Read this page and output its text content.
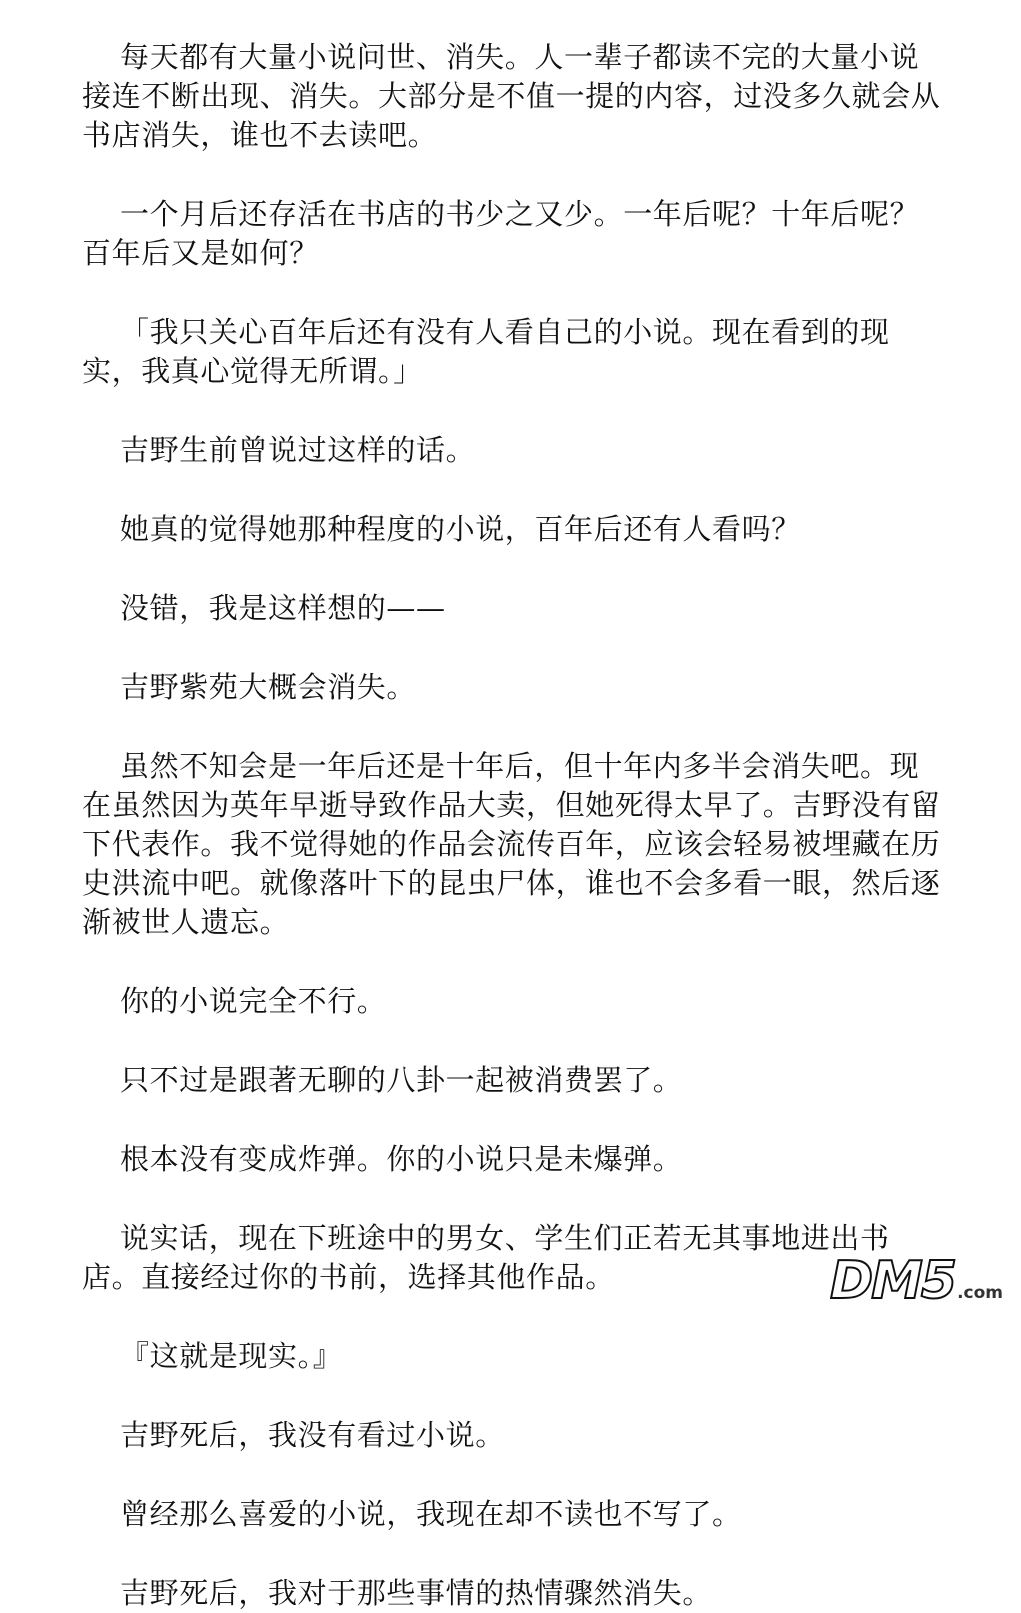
每天都有大量小说问世、消失。人一辈子都读不完的大量小说接连不断出现、消失。大部分是不值一提的内容，过没多久就会从书店消失，谁也不去读吧。

一个月后还存活在书店的书少之又少。一年后呢？十年后呢？百年后又是如何？

「我只关心百年后还有没有人看自己的小说。现在看到的现实，我真心觉得无所谓。」

吉野生前曾说过这样的话。

她真的觉得她那种程度的小说，百年后还有人看吗？

没错，我是这样想的——

吉野紫苑大概会消失。

虽然不知会是一年后还是十年后，但十年内多半会消失吧。现在虽然因为英年早逝导致作品大卖，但她死得太早了。吉野没有留下代表作。我不觉得她的作品会流传百年，应该会轻易被埋藏在历史洪流中吧。就像落叶下的昆虫尸体，谁也不会多看一眼，然后逐渐被世人遗忘。

你的小说完全不行。

只不过是跟著无聊的八卦一起被消费罢了。

根本没有变成炸弹。你的小说只是未爆弹。

说实话，现在下班途中的男女、学生们正若无其事地进出书店。直接经过你的书前，选择其他作品。

『这就是现实。』

吉野死后，我没有看过小说。

曾经那么喜爱的小说，我现在却不读也不写了。

吉野死后，我对于那些事情的热情骤然消失。

DM5 .com
